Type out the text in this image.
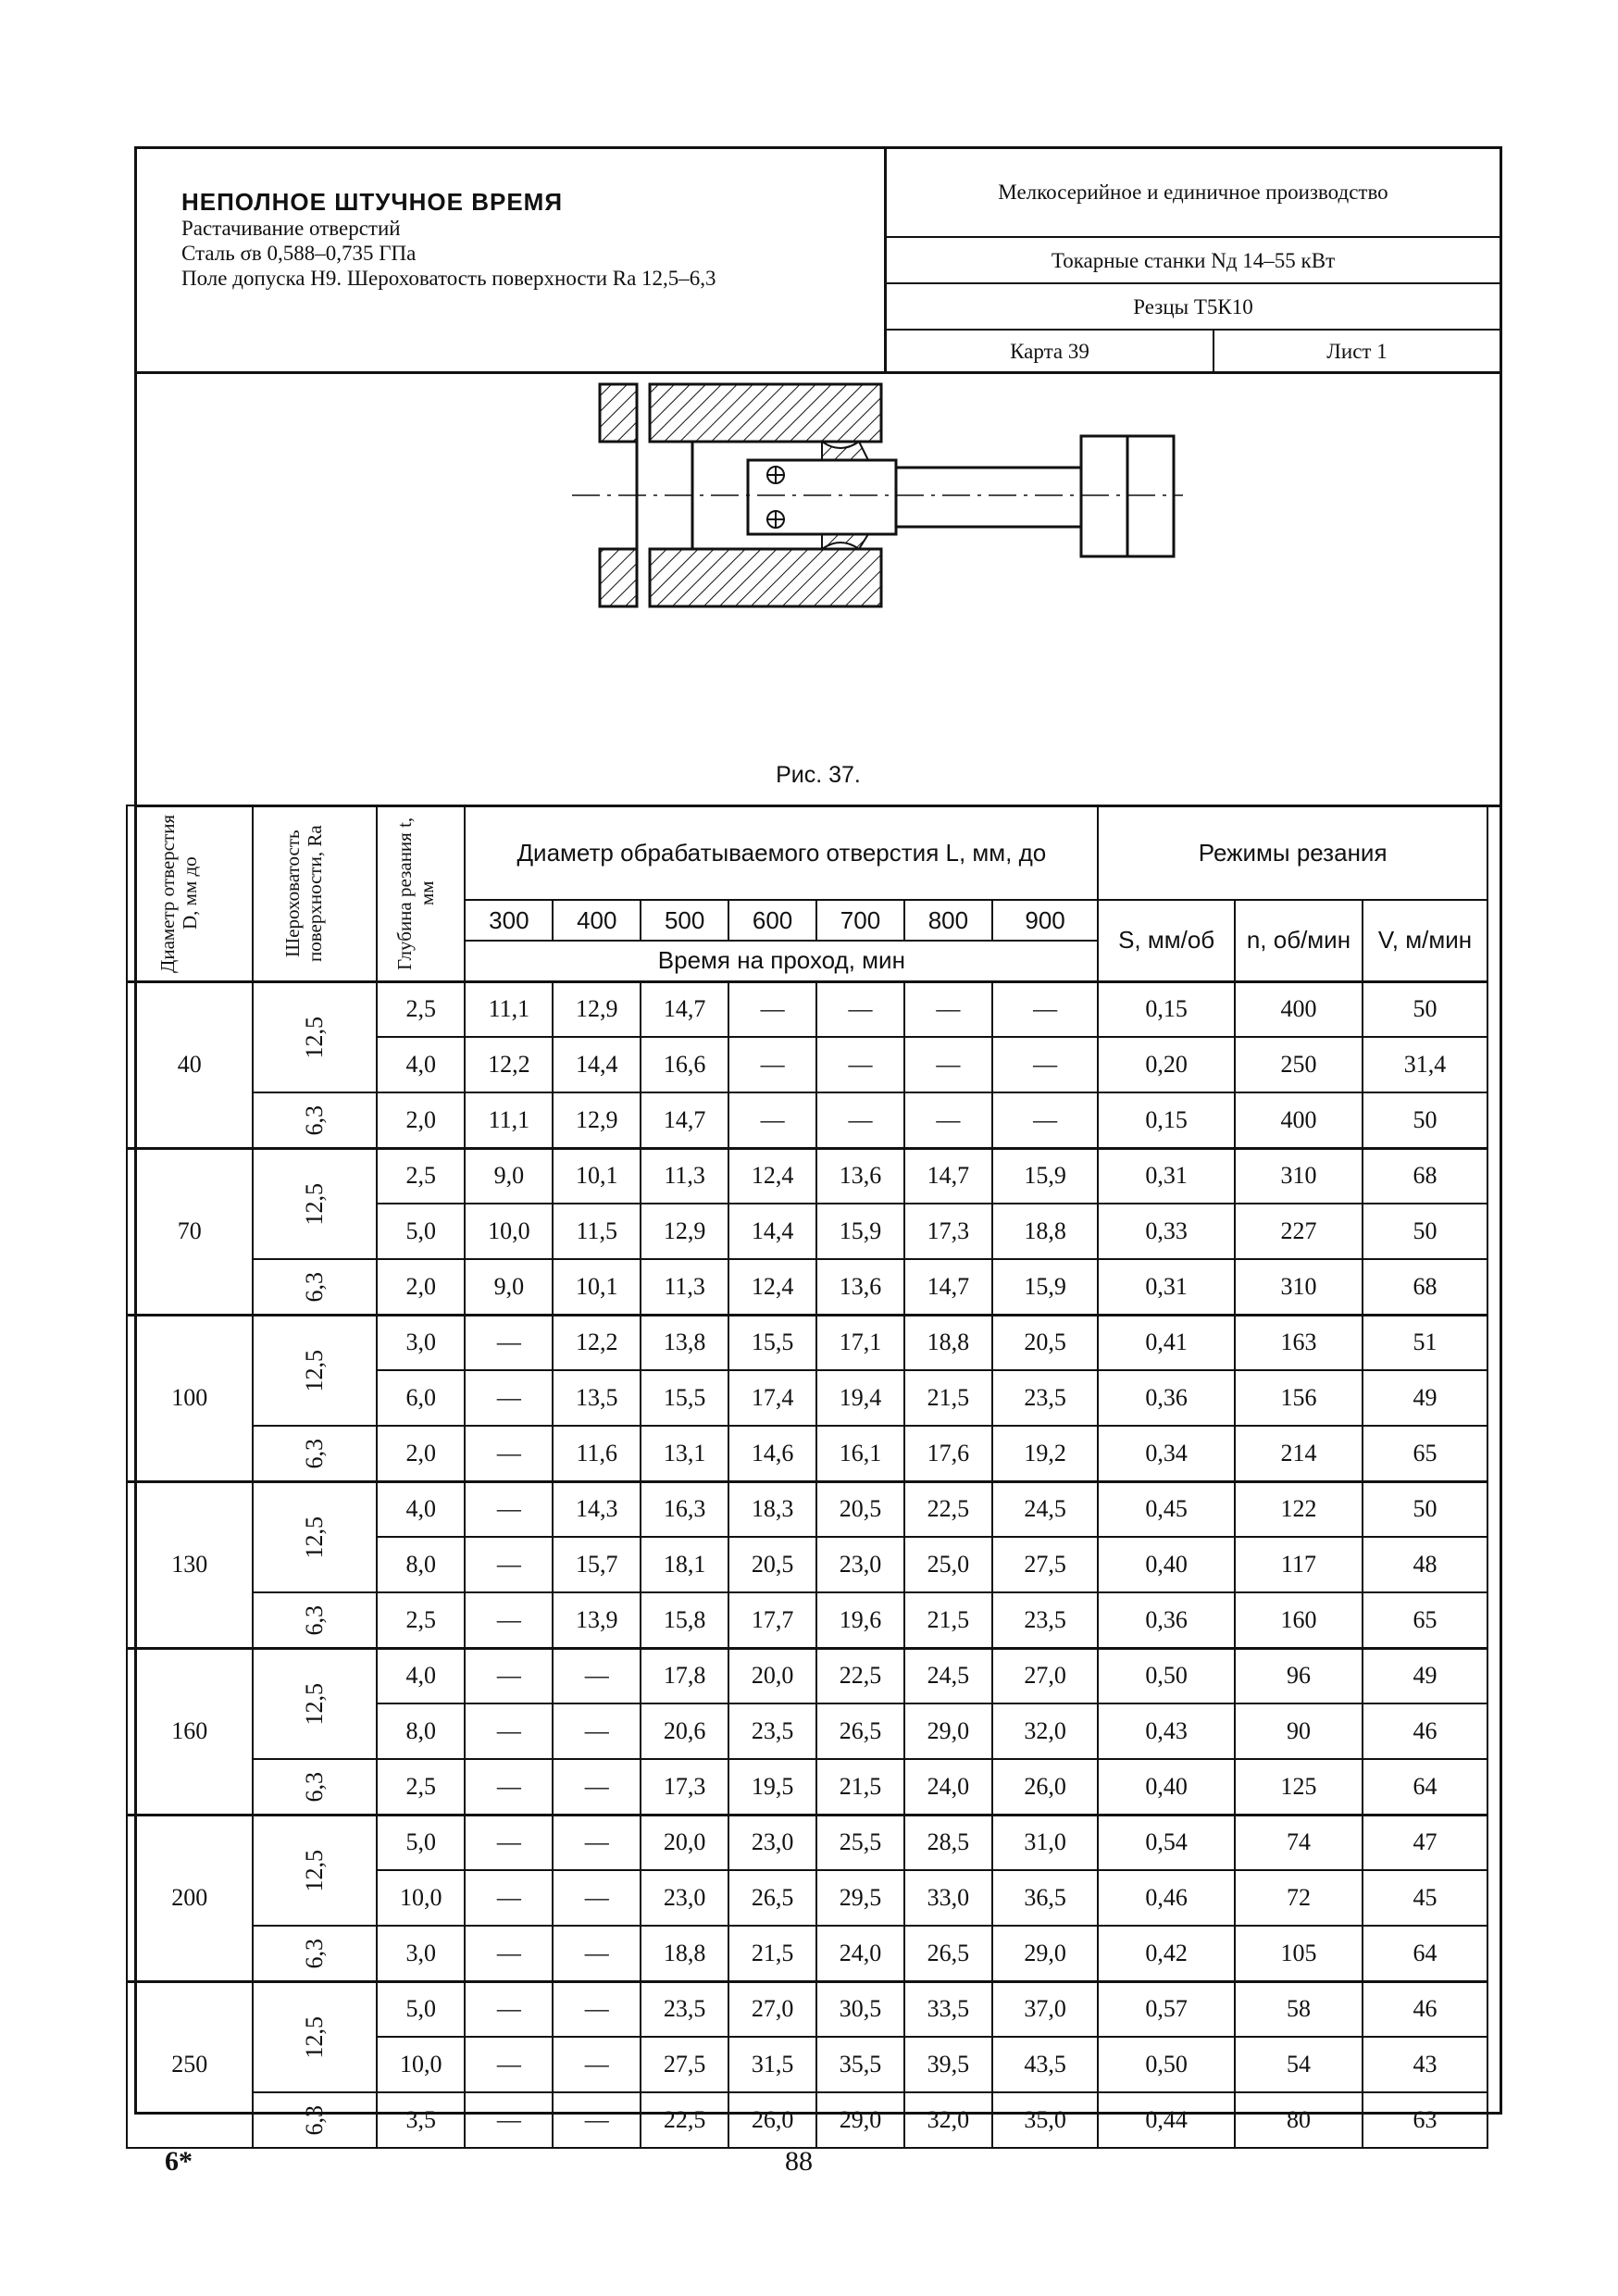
НЕПОЛНОЕ ШТУЧНОЕ ВРЕМЯ
Растачивание отверстий
Сталь σв 0,588–0,735 ГПа
Поле допуска Н9. Шероховатость поверхности Ra 12,5–6,3
Мелкосерийное и единичное производство
Токарные станки Nд 14–55 кВт
Резцы Т5К10
Карта 39	Лист 1
Рис. 37.
Диаметр отверстия D, мм до	Шероховатость поверхности, Ra	Глубина резания t, мм	Диаметр обрабатываемого отверстия L, мм, до							Режимы резания		
			300	400	500	600	700	800	900	S, мм/об	n, об/мин	V, м/мин
			Время на проход, мин									
40	12,5	2,5	11,1	12,9	14,7	—	—	—	—	0,15	400	50
		4,0	12,2	14,4	16,6	—	—	—	—	0,20	250	31,4

	6,3	2,0	11,1	12,9	14,7	—	—	—	—	0,15	400	50
70	12,5	2,5	9,0	10,1	11,3	12,4	13,6	14,7	15,9	0,31	310	68
		5,0	10,0	11,5	12,9	14,4	15,9	17,3	18,8	0,33	227	50

	6,3	2,0	9,0	10,1	11,3	12,4	13,6	14,7	15,9	0,31	310	68
100	12,5	3,0	—	12,2	13,8	15,5	17,1	18,8	20,5	0,41	163	51
		6,0	—	13,5	15,5	17,4	19,4	21,5	23,5	0,36	156	49

	6,3	2,0	—	11,6	13,1	14,6	16,1	17,6	19,2	0,34	214	65
130	12,5	4,0	—	14,3	16,3	18,3	20,5	22,5	24,5	0,45	122	50
		8,0	—	15,7	18,1	20,5	23,0	25,0	27,5	0,40	117	48

	6,3	2,5	—	13,9	15,8	17,7	19,6	21,5	23,5	0,36	160	65
160	12,5	4,0	—	—	17,8	20,0	22,5	24,5	27,0	0,50	96	49
		8,0	—	—	20,6	23,5	26,5	29,0	32,0	0,43	90	46

	6,3	2,5	—	—	17,3	19,5	21,5	24,0	26,0	0,40	125	64
200	12,5	5,0	—	—	20,0	23,0	25,5	28,5	31,0	0,54	74	47
		10,0	—	—	23,0	26,5	29,5	33,0	36,5	0,46	72	45

	6,3	3,0	—	—	18,8	21,5	24,0	26,5	29,0	0,42	105	64
250	12,5	5,0	—	—	23,5	27,0	30,5	33,5	37,0	0,57	58	46
		10,0	—	—	27,5	31,5	35,5	39,5	43,5	0,50	54	43

	6,3	3,5	—	—	22,5	26,0	29,0	32,0	35,0	0,44	80	63
6*	88
